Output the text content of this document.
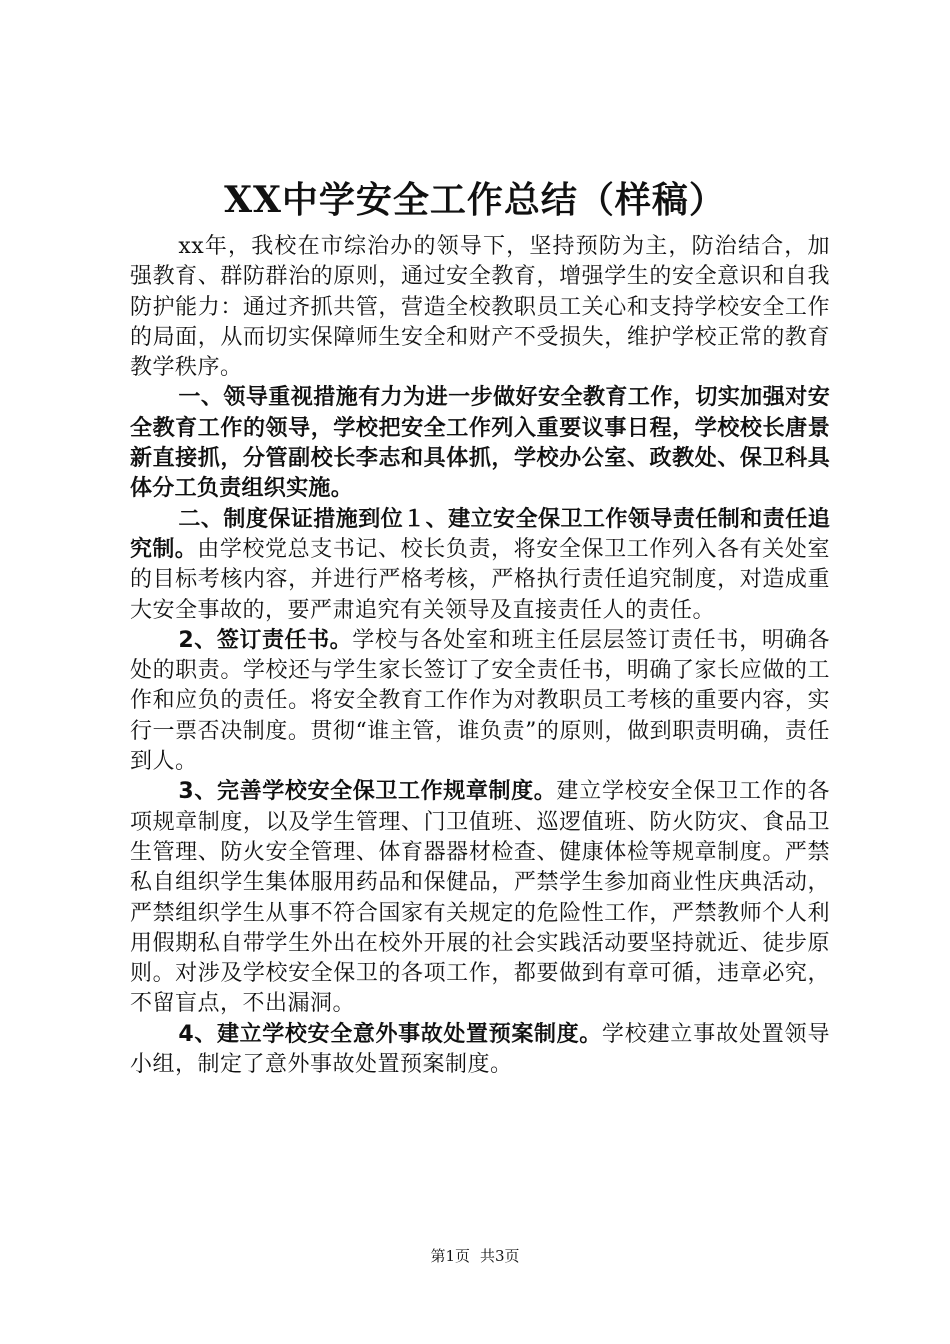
XX中学安全工作总结（样稿）

xx年，我校在市综治办的领导下，坚持预防为主，防治结合，加强教育、群防群治的原则，通过安全教育，增强学生的安全意识和自我防护能力：通过齐抓共管，营造全校教职员工关心和支持学校安全工作的局面，从而切实保障师生安全和财产不受损失，维护学校正常的教育教学秩序。

一、领导重视措施有力为进一步做好安全教育工作，切实加强对安全教育工作的领导，学校把安全工作列入重要议事日程，学校校长唐景新直接抓，分管副校长李志和具体抓，学校办公室、政教处、保卫科具体分工负责组织实施。

二、制度保证措施到位１、建立安全保卫工作领导责任制和责任追究制。由学校党总支书记、校长负责，将安全保卫工作列入各有关处室的目标考核内容，并进行严格考核，严格执行责任追究制度，对造成重大安全事故的，要严肃追究有关领导及直接责任人的责任。

2、签订责任书。学校与各处室和班主任层层签订责任书，明确各处的职责。学校还与学生家长签订了安全责任书，明确了家长应做的工作和应负的责任。将安全教育工作作为对教职员工考核的重要内容，实行一票否决制度。贯彻“谁主管，谁负责”的原则，做到职责明确，责任到人。

3、完善学校安全保卫工作规章制度。建立学校安全保卫工作的各项规章制度，以及学生管理、门卫值班、巡逻值班、防火防灾、食品卫生管理、防火安全管理、体育器器材检查、健康体检等规章制度。严禁私自组织学生集体服用药品和保健品，严禁学生参加商业性庆典活动，严禁组织学生从事不符合国家有关规定的危险性工作，严禁教师个人利用假期私自带学生外出在校外开展的社会实践活动要坚持就近、徒步原则。对涉及学校安全保卫的各项工作，都要做到有章可循，违章必究，不留盲点，不出漏洞。

4、建立学校安全意外事故处置预案制度。学校建立事故处置领导小组，制定了意外事故处置预案制度。

第1页 共3页
